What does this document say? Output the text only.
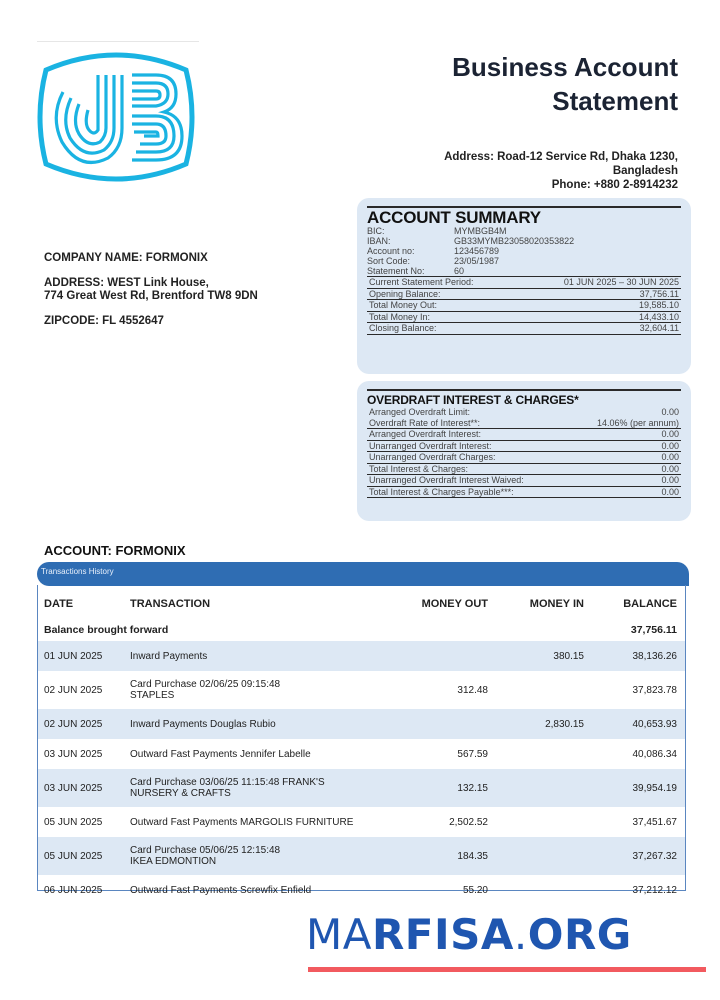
Business Account
Statement
Address: Road-12 Service Rd, Dhaka 1230,
Bangladesh
Phone: +880 2-8914232
COMPANY NAME: FORMONIX
ADDRESS: WEST Link House,
774 Great West Rd, Brentford TW8 9DN
ZIPCODE: FL 4552647
ACCOUNT SUMMARY
BIC:	MYMBGB4M
IBAN:	GB33MYMB23058020353822
Account no:	123456789
Sort Code:	23/05/1987
Statement No:	60
Current Statement Period:	01 JUN 2025 – 30 JUN 2025
Opening Balance:	37,756.11
Total Money Out:	19,585.10
Total Money In:	14,433.10
Closing Balance:	32,604.11
OVERDRAFT INTEREST & CHARGES*
Arranged Overdraft Limit:	0.00
Overdraft Rate of Interest**:	14.06% (per annum)
Arranged Overdraft Interest:	0.00
Unarranged Overdraft Interest:	0.00
Unarranged Overdraft Charges:	0.00
Total Interest & Charges:	0.00
Unarranged Overdraft Interest Waived:	0.00
Total Interest & Charges Payable***:	0.00
ACCOUNT: FORMONIX
Transactions History
DATE	TRANSACTION	MONEY OUT	MONEY IN	BALANCE
Balance brought forward				37,756.11
01 JUN 2025	Inward Payments		380.15	38,136.26
02 JUN 2025	Card Purchase 02/06/25 09:15:48
STAPLES	312.48		37,823.78
02 JUN 2025	Inward Payments Douglas Rubio		2,830.15	40,653.93
03 JUN 2025	Outward Fast Payments Jennifer Labelle	567.59		40,086.34
03 JUN 2025	Card Purchase 03/06/25 11:15:48 FRANK'S
NURSERY & CRAFTS	132.15		39,954.19
05 JUN 2025	Outward Fast Payments MARGOLIS FURNITURE	2,502.52		37,451.67
05 JUN 2025	Card Purchase 05/06/25 12:15:48
IKEA EDMONTION	184.35		37,267.32
06 JUN 2025	Outward Fast Payments Screwfix Enfield	55.20		37,212.12
MARFISA.ORG
